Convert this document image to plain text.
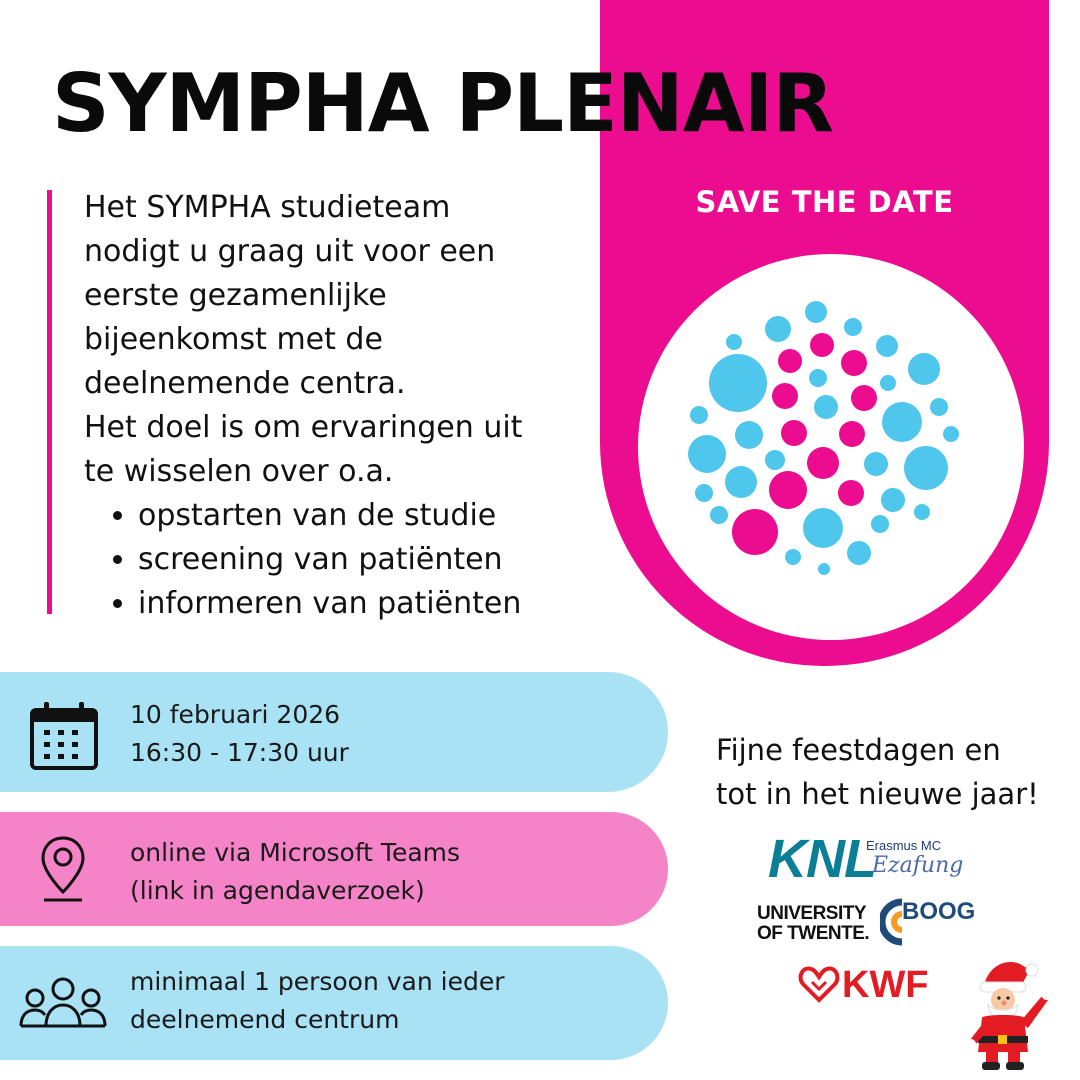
SYMPHA PLENAIR
SAVE THE DATE

Het SYMPHA studieteam

nodigt u graag uit voor een

eerste gezamenlijke

bijeenkomst met de

deelnemende centra.

Het doel is om ervaringen uit

te wisselen over o.a.

• opstarten van de studie
• screening van patiënten
• informeren van patiënten
10 februari 2026
16:30 - 17:30 uur
online via Microsoft Teams
(link in agendaverzoek)
minimaal 1 persoon van ieder
deelnemend centrum
Fijne feestdagen en
tot in het nieuwe jaar!
KNL
Erasmus MC
Ezafung
UNIVERSITY
OF TWENTE.
BOOG
KWF
